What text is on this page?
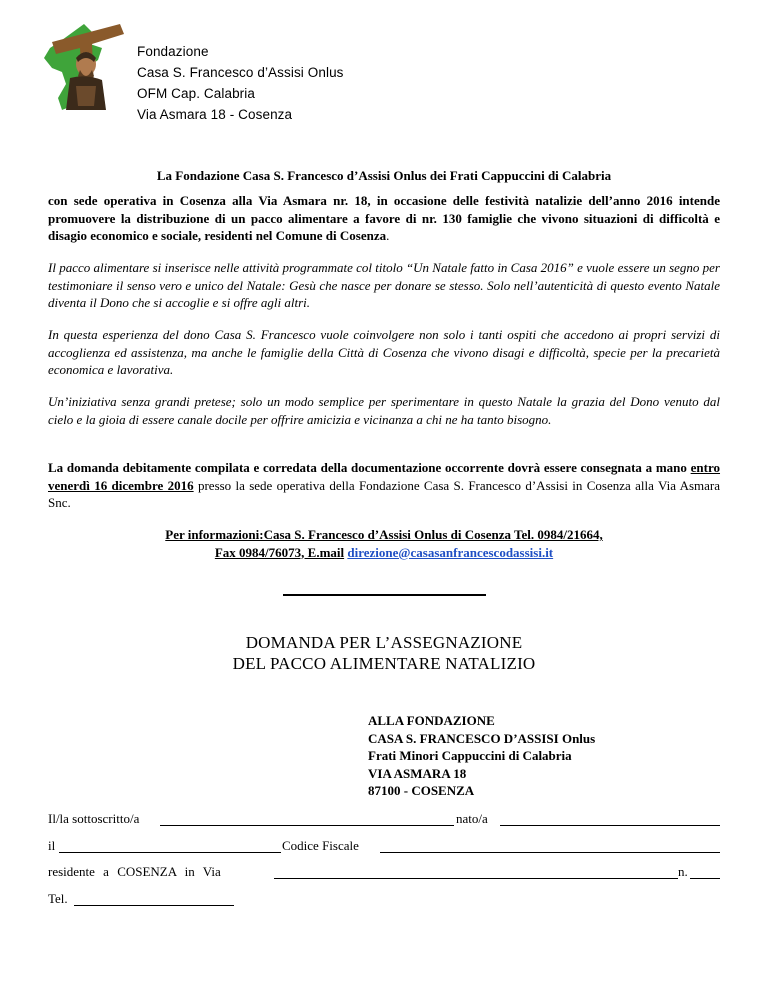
Fondazione
Casa S. Francesco d’Assisi Onlus
OFM Cap. Calabria
Via Asmara 18 - Cosenza
La Fondazione Casa S. Francesco d’Assisi Onlus dei Frati Cappuccini di Calabria
con sede operativa in Cosenza alla Via Asmara nr. 18, in occasione delle festività natalizie dell’anno 2016 intende promuovere la distribuzione di un pacco alimentare a favore di nr. 130 famiglie che vivono situazioni di difficoltà e disagio economico e sociale, residenti nel Comune di Cosenza.
Il pacco alimentare si inserisce nelle attività programmate col titolo “Un Natale fatto in Casa 2016” e vuole essere un segno per testimoniare il senso vero e unico del Natale: Gesù che nasce per donare se stesso. Solo nell’autenticità di questo evento Natale diventa il Dono che si accoglie e si offre agli altri.
In questa esperienza del dono Casa S. Francesco vuole coinvolgere non solo i tanti ospiti che accedono ai propri servizi di accoglienza ed assistenza, ma anche le famiglie della Città di Cosenza che vivono disagi e difficoltà, specie per la precarietà economica e lavorativa.
Un’iniziativa senza grandi pretese; solo un modo semplice per sperimentare in questo Natale la grazia del Dono venuto dal cielo e la gioia di essere canale docile per offrire amicizia e vicinanza a chi ne ha tanto bisogno.
La domanda debitamente compilata e corredata della documentazione occorrente dovrà essere consegnata a mano entro venerdì 16 dicembre 2016 presso la sede operativa della Fondazione Casa S. Francesco d’Assisi in Cosenza alla Via Asmara Snc.
Per informazioni:Casa S. Francesco d’Assisi Onlus di Cosenza Tel. 0984/21664,
Fax 0984/76073, E.mail direzione@casasanfrancescodassisi.it
DOMANDA PER L’ASSEGNAZIONE
DEL PACCO ALIMENTARE NATALIZIO
ALLA FONDAZIONE
CASA S. FRANCESCO D’ASSISI Onlus
Frati Minori Cappuccini di Calabria
VIA ASMARA 18
87100 - COSENZA
Il/la sottoscritto/a	nato/a
il	Codice Fiscale
residente a COSENZA in Via	n.
Tel.
